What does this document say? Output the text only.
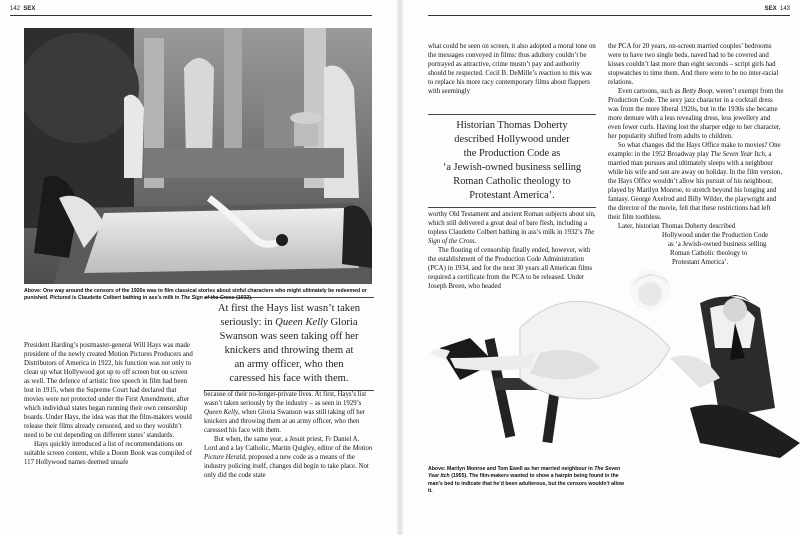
142 SEX

Above: One way around the censors of the 1920s was to film classical stories about sinful characters who might ultimately be redeemed or punished. Pictured is Claudette Colbert bathing in ass’s milk in The Sign of the Cross (1932).

President Harding’s postmaster-general Will Hays was made president of the newly created Motion Pictures Producers and Distributors of America in 1922, his function was not only to clean up what Hollywood got up to off screen but on screen as well. The defence of artistic free speech in film had been lost in 1915, when the Supreme Court had declared that movies were not protected under the First Amendment, after which individual states began running their own censorship boards. Under Hays, the idea was that the film-makers would release their films already censored, and so they wouldn’t need to be cut depending on different states’ standards.

Hays quickly introduced a list of recommendations on suitable screen content, while a Doom Book was compiled of 117 Hollywood names deemed unsafe

At first the Hays list wasn’t taken
seriously: in Queen Kelly Gloria
Swanson was seen taking off her
knickers and throwing them at
an army officer, who then
caressed his face with them.

because of their no-longer-private lives. At first, Hays’s list wasn’t taken seriously by the industry – as seen in 1929’s Queen Kelly, when Gloria Swanson was still taking off her knickers and throwing them at an army officer, who then caressed his face with them.

But when, the same year, a Jesuit priest, Fr Daniel A. Lord and a lay Catholic, Martin Quigley, editor of the Motion Picture Herald, proposed a new code as a means of the industry policing itself, changes did begin to take place. Not only did the code state

SEX 143

what could be seen on screen, it also adopted a moral tone on the messages conveyed in films: thus adultery couldn’t be portrayed as attractive, crime mustn’t pay and authority should be respected. Cecil B. DeMille’s reaction to this was to replace his more racy contemporary films about flappers with seemingly

Historian Thomas Doherty
described Hollywood under
the Production Code as
‘a Jewish-owned business selling
Roman Catholic theology to
Protestant America’.

worthy Old Testament and ancient Roman subjects about sin, which still delivered a great deal of bare flesh, including a topless Claudette Colbert bathing in ass’s milk in 1932’s The Sign of the Cross.

The flouting of censorship finally ended, however, with the establishment of the Production Code Administration (PCA) in 1934, and for the next 30 years all American films required a certificate from the PCA to be released. Under Joseph Breen, who headed

the PCA for 20 years, on-screen married couples’ bedrooms were to have two single beds, naved had to be covered and kisses couldn’t last more than eight seconds – script girls had stopwatches to time them. And there were to be no inter-racial relations.

Even cartoons, such as Betty Boop, weren’t exempt from the Production Code. The sexy jazz character in a cocktail dress was from the more liberal 1920s, but in the 1930s she became more demure with a less revealing dress, less jewellery and even fewer curls. Having lost the sharper edge to her character, her popularity shifted from adults to children.

So what changes did the Hays Office make to movies? One example: in the 1952 Broadway play The Seven Year Itch, a married man pursues and ultimately sleeps with a neighbour while his wife and son are away on holiday. In the film version, the Hays Office wouldn’t allow his pursuit of his neighbour, played by Marilyn Monroe, to stretch beyond his longing and fantasy. George Axelrod and Billy Wilder, the playwright and the director of the movie, felt that these restrictions had left their film toothless.

Later, historian Thomas Doherty described
Hollywood under the Production Code
as ‘a Jewish-owned business selling
Roman Catholic theology to
Protestant America’.

Above: Marilyn Monroe and Tom Ewell as her married neighbour in The Seven Year Itch (1955). The film-makers wanted to show a hairpin being found in the man’s bed to indicate that he’d been adulterous, but the censors wouldn’t allow it.
